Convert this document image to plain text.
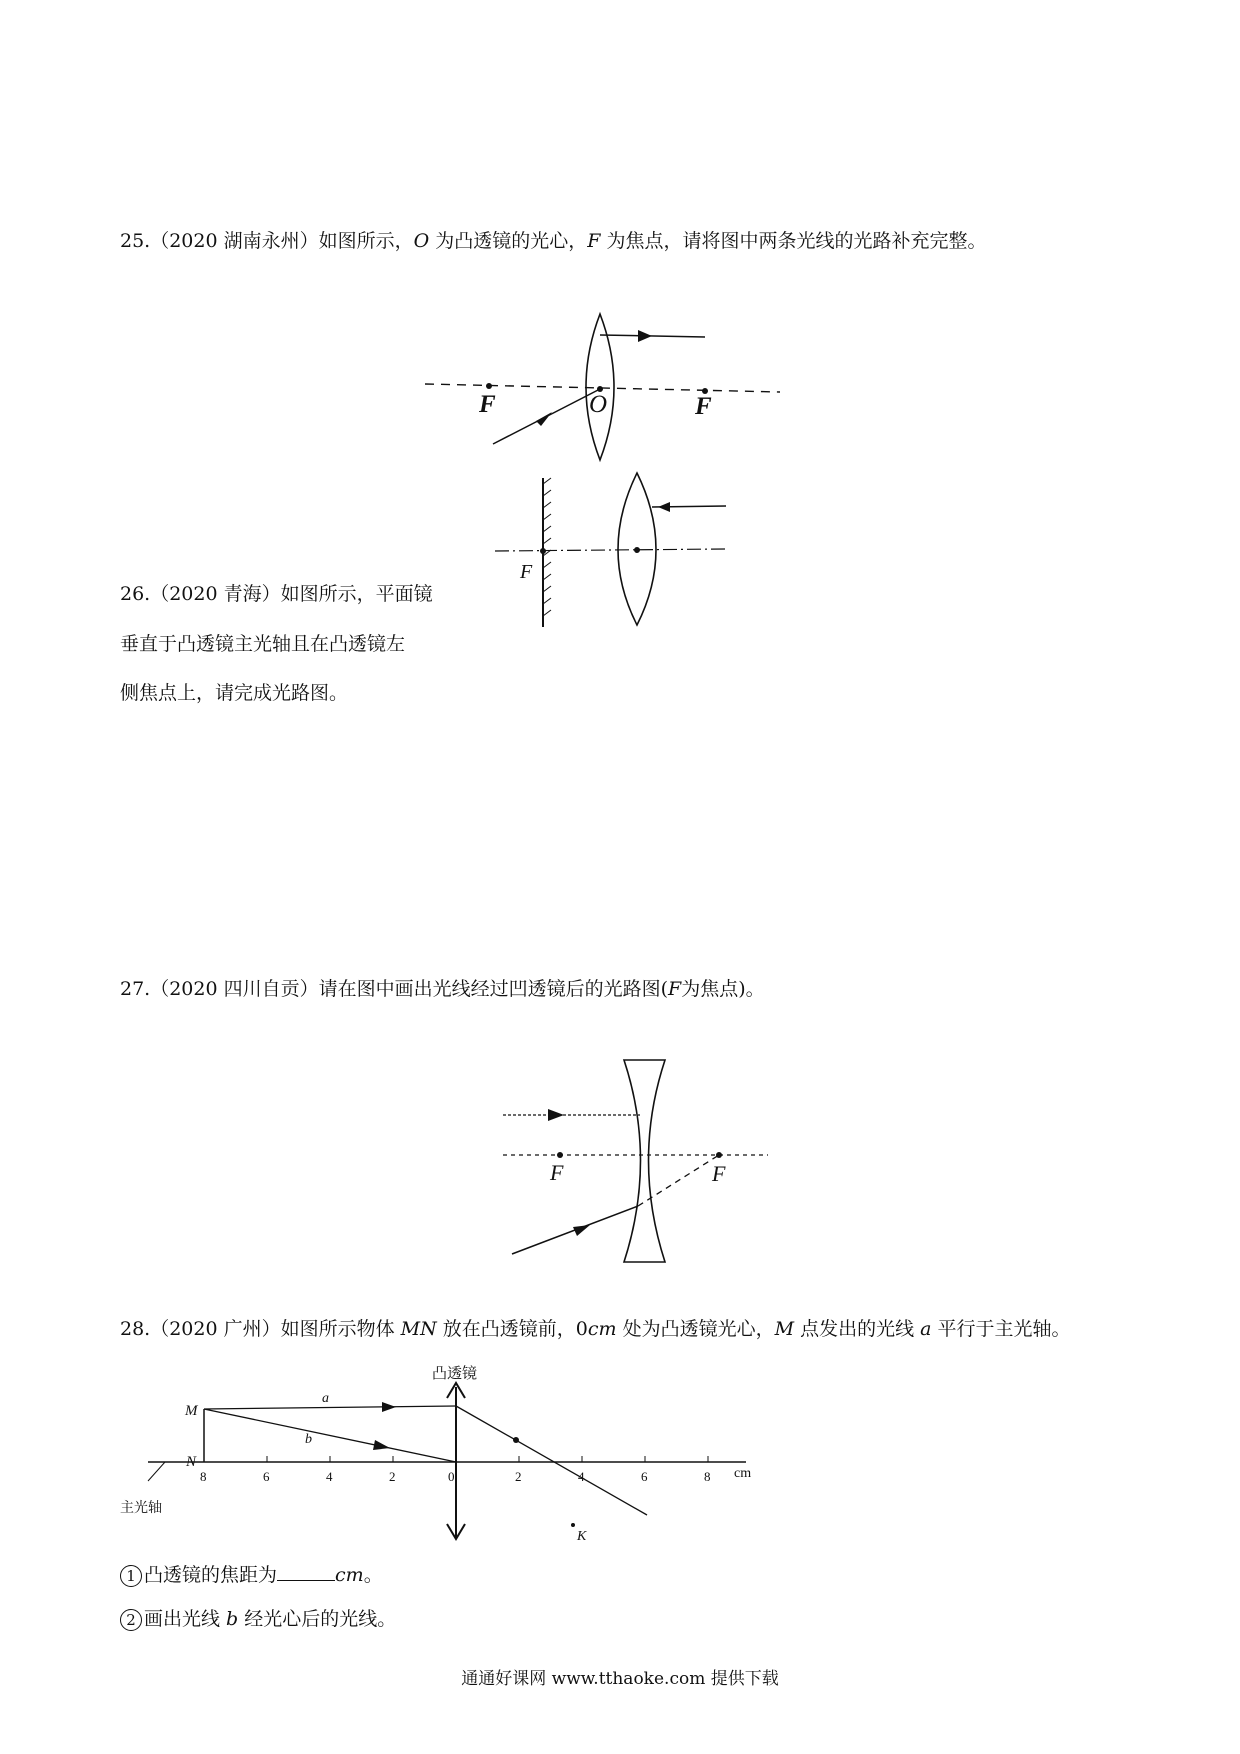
25.（2020 湖南永州）如图所示，O 为凸透镜的光心，F 为焦点，请将图中两条光线的光路补充完整。
F	O	F
F
F	F
凸透镜
M
N
a
b
主光轴
cm
K
8	6	4	2	0	2	4	6	8
26.（2020 青海）如图所示，平面镜
垂直于凸透镜主光轴且在凸透镜左
侧焦点上，请完成光路图。
27.（2020 四川自贡）请在图中画出光线经过凹透镜后的光路图(F为焦点)。
28.（2020 广州）如图所示物体 MN 放在凸透镜前，0cm 处为凸透镜光心，M 点发出的光线 a 平行于主光轴。
1 凸透镜的焦距为	cm。
2 画出光线 b 经光心后的光线。
通通好课网 www.tthaoke.com 提供下载
